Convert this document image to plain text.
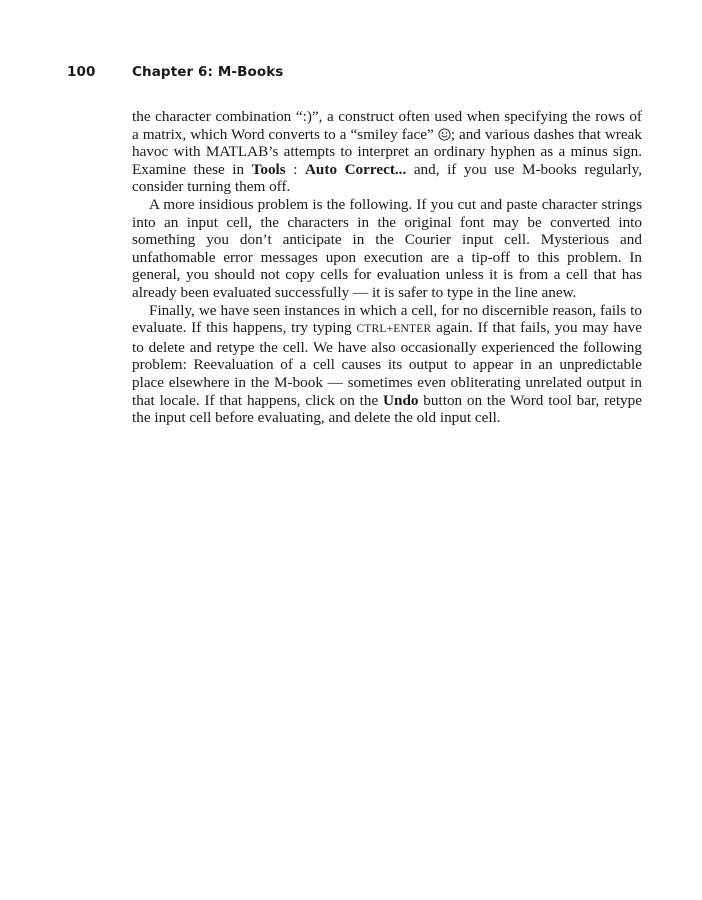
100	Chapter 6: M-Books

the character combination “:)”, a construct often used when specifying the rows of a matrix, which Word converts to a “smiley face” ; and various dashes that wreak havoc with MATLAB’s attempts to interpret an ordinary hyphen as a minus sign. Examine these in Tools : Auto Correct... and, if you use M-books regularly, consider turning them off.

A more insidious problem is the following. If you cut and paste character strings into an input cell, the characters in the original font may be converted into something you don’t anticipate in the Courier input cell. Mysterious and unfathomable error messages upon execution are a tip-off to this problem. In general, you should not copy cells for evaluation unless it is from a cell that has already been evaluated successfully — it is safer to type in the line anew.

Finally, we have seen instances in which a cell, for no discernible reason, fails to evaluate. If this happens, try typing CTRL+ENTER again. If that fails, you may have to delete and retype the cell. We have also occasionally experienced the following problem: Reevaluation of a cell causes its output to appear in an unpredictable place elsewhere in the M-book — sometimes even obliterating unrelated output in that locale. If that happens, click on the Undo button on the Word tool bar, retype the input cell before evaluating, and delete the old input cell.
